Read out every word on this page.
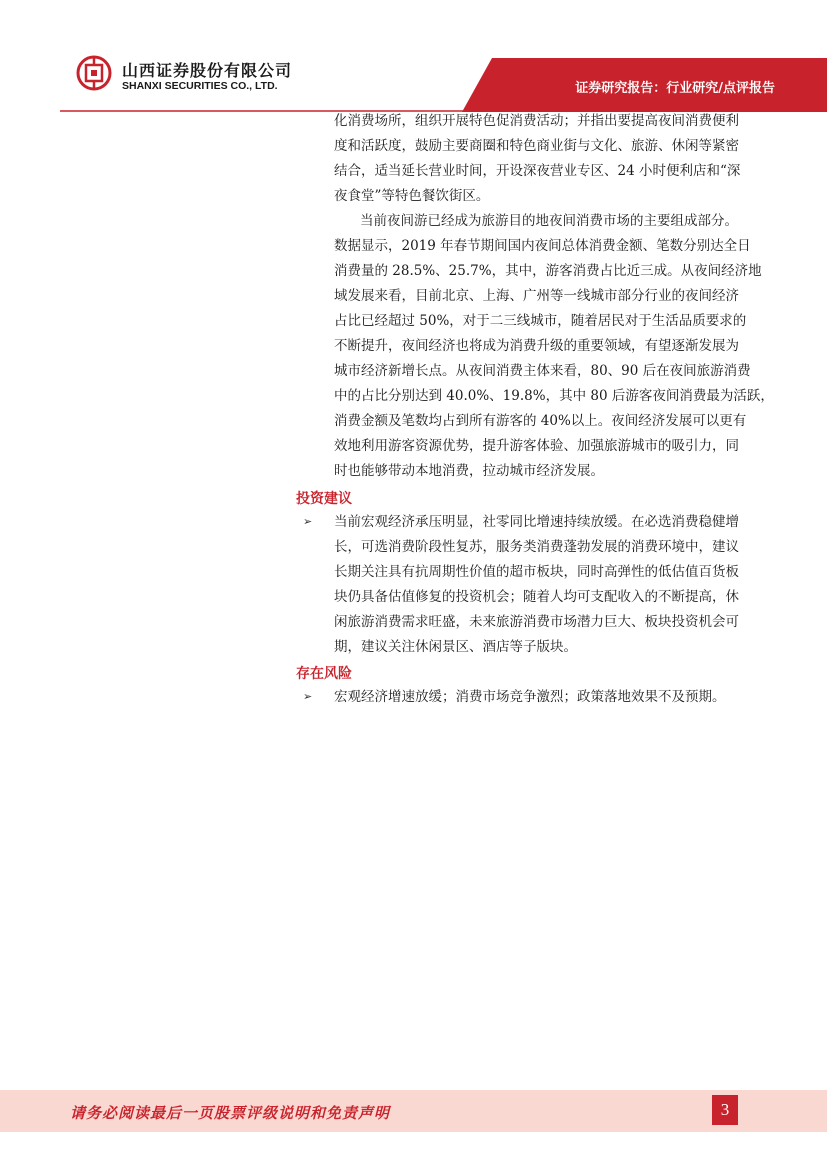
山西证券股份有限公司
SHANXI SECURITIES CO., LTD.	证券研究报告：行业研究/点评报告
化消费场所，组织开展特色促消费活动；并指出要提高夜间消费便利
度和活跃度，鼓励主要商圈和特色商业街与文化、旅游、休闲等紧密
结合，适当延长营业时间，开设深夜营业专区、24 小时便利店和“深
夜食堂”等特色餐饮街区。
当前夜间游已经成为旅游目的地夜间消费市场的主要组成部分。
数据显示，2019 年春节期间国内夜间总体消费金额、笔数分别达全日
消费量的 28.5%、25.7%，其中，游客消费占比近三成。从夜间经济地
域发展来看，目前北京、上海、广州等一线城市部分行业的夜间经济
占比已经超过 50%，对于二三线城市，随着居民对于生活品质要求的
不断提升，夜间经济也将成为消费升级的重要领域，有望逐渐发展为
城市经济新增长点。从夜间消费主体来看，80、90 后在夜间旅游消费
中的占比分别达到 40.0%、19.8%，其中 80 后游客夜间消费最为活跃，
消费金额及笔数均占到所有游客的 40%以上。夜间经济发展可以更有
效地利用游客资源优势，提升游客体验、加强旅游城市的吸引力，同
时也能够带动本地消费，拉动城市经济发展。
投资建议
➢ 当前宏观经济承压明显，社零同比增速持续放缓。在必选消费稳健增
长，可选消费阶段性复苏，服务类消费蓬勃发展的消费环境中，建议
长期关注具有抗周期性价值的超市板块，同时高弹性的低估值百货板
块仍具备估值修复的投资机会；随着人均可支配收入的不断提高，休
闲旅游消费需求旺盛，未来旅游消费市场潜力巨大、板块投资机会可
期，建议关注休闲景区、酒店等子版块。
存在风险
➢ 宏观经济增速放缓；消费市场竞争激烈；政策落地效果不及预期。
请务必阅读最后一页股票评级说明和免责声明	3
